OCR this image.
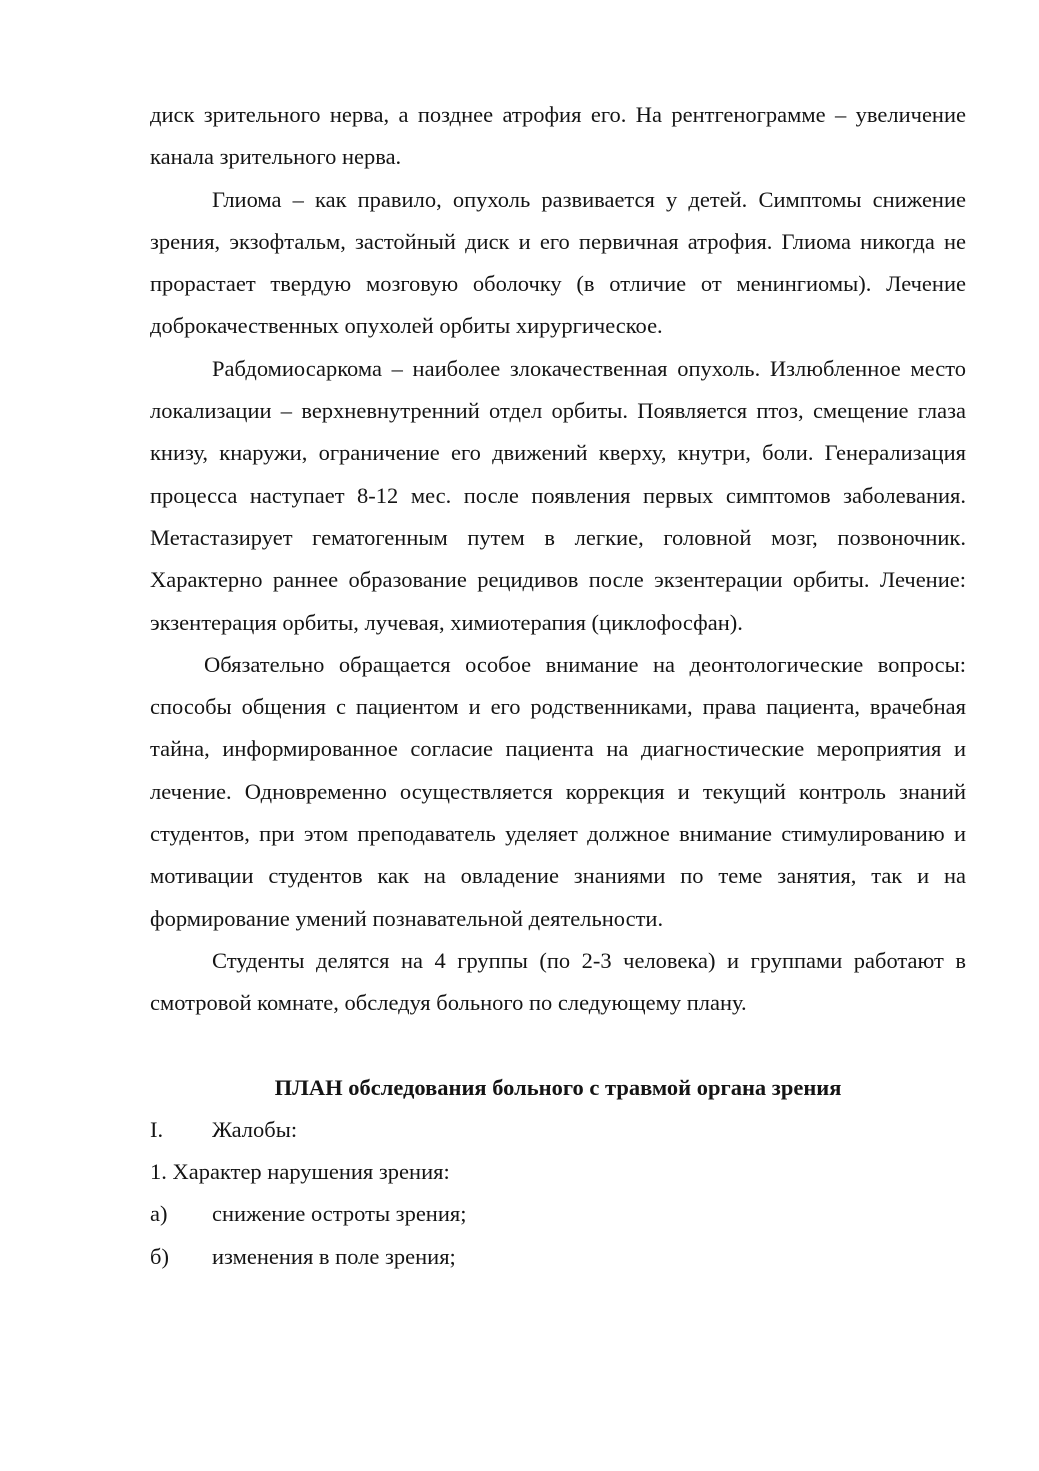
диск зрительного нерва, а позднее атрофия его. На рентгенограмме – увеличение канала зрительного нерва.

Глиома – как правило, опухоль развивается у детей. Симптомы снижение зрения, экзофтальм, застойный диск и его первичная атрофия. Глиома никогда не прорастает твердую мозговую оболочку (в отличие от менингиомы). Лечение доброкачественных опухолей орбиты хирургическое.

Рабдомиосаркома – наиболее злокачественная опухоль. Излюбленное место локализации – верхневнутренний отдел орбиты. Появляется птоз, смещение глаза книзу, кнаружи, ограничение его движений кверху, кнутри, боли. Генерализация процесса наступает 8-12 мес. после появления первых симптомов заболевания. Метастазирует гематогенным путем в легкие, головной мозг, позвоночник. Характерно раннее образование рецидивов после экзентерации орбиты. Лечение: экзентерация орбиты, лучевая, химиотерапия (циклофосфан).

Обязательно обращается особое внимание на деонтологические вопросы: способы общения с пациентом и его родственниками, права пациента, врачебная тайна, информированное согласие пациента на диагностические мероприятия и лечение. Одновременно осуществляется коррекция и текущий контроль знаний студентов, при этом преподаватель уделяет должное внимание стимулированию и мотивации студентов как на овладение знаниями по теме занятия, так и на формирование умений познавательной деятельности.

Студенты делятся на 4 группы (по 2-3 человека) и группами работают в смотровой комнате, обследуя больного по следующему плану.

ПЛАН обследования больного с травмой органа зрения

I.	Жалобы:

1. Характер нарушения зрения:

а)	снижение остроты зрения;
б)	изменения в поле зрения;
